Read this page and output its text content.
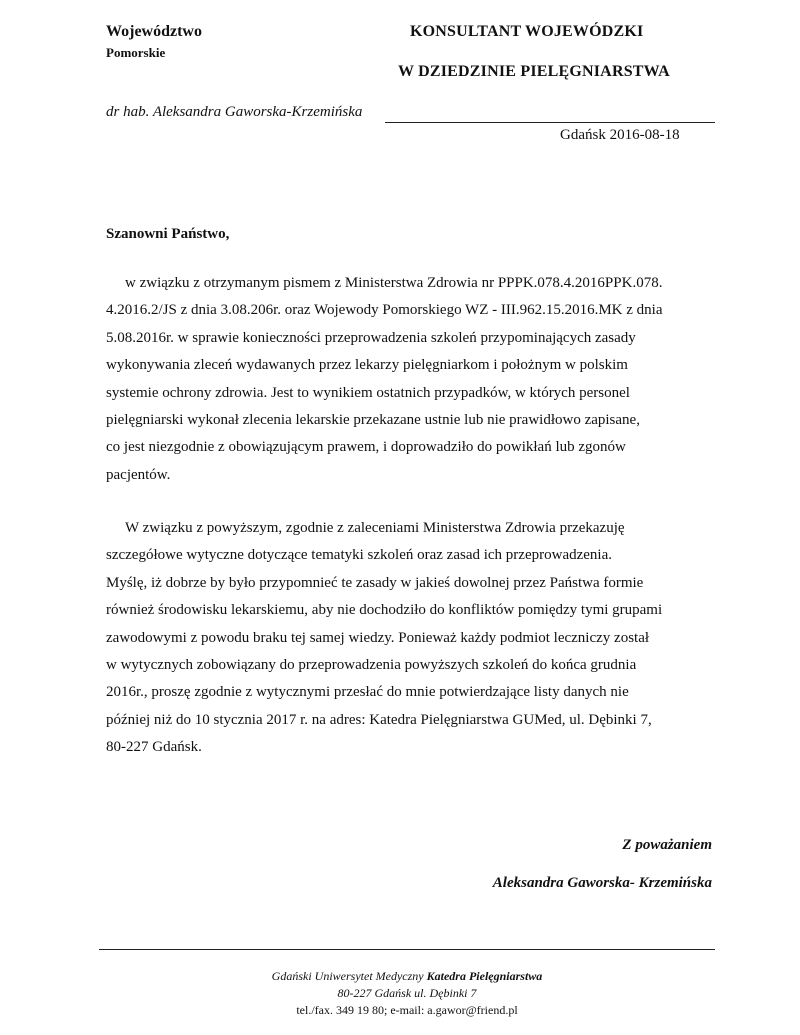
Województwo
Pomorskie
KONSULTANT WOJEWÓDZKI
W DZIEDZINIE PIELĘGNIARSTWA
dr hab. Aleksandra Gaworska-Krzemińska
Gdańsk 2016-08-18
Szanowni Państwo,
w związku z otrzymanym pismem z Ministerstwa Zdrowia nr PPPK.078.4.2016PPK.078.
4.2016.2/JS z dnia 3.08.206r. oraz Wojewody Pomorskiego WZ - III.962.15.2016.MK z dnia
5.08.2016r. w sprawie konieczności przeprowadzenia szkoleń przypominających zasady
wykonywania zleceń wydawanych przez lekarzy pielęgniarkom i położnym w polskim
systemie ochrony zdrowia. Jest to wynikiem ostatnich przypadków, w których personel
pielęgniarski wykonał zlecenia lekarskie przekazane ustnie lub nie prawidłowo zapisane,
co jest niezgodnie z obowiązującym prawem, i doprowadziło do powikłań lub zgonów
pacjentów.
W związku z powyższym, zgodnie z zaleceniami Ministerstwa Zdrowia przekazuję
szczegółowe wytyczne dotyczące tematyki szkoleń oraz zasad ich przeprowadzenia.
Myślę, iż dobrze by było przypomnieć te zasady w jakieś dowolnej przez Państwa formie
również środowisku lekarskiemu, aby nie dochodziło do konfliktów pomiędzy tymi grupami
zawodowymi z powodu braku tej samej wiedzy. Ponieważ każdy podmiot leczniczy został
w wytycznych zobowiązany do przeprowadzenia powyższych szkoleń do końca grudnia
2016r., proszę zgodnie z wytycznymi przesłać do mnie potwierdzające listy danych nie
później niż do 10 stycznia 2017 r. na adres: Katedra Pielęgniarstwa GUMed, ul. Dębinki 7,
80-227 Gdańsk.
Z poważaniem
Aleksandra Gaworska- Krzemińska
Gdański Uniwersytet Medyczny Katedra Pielęgniarstwa
80-227 Gdańsk ul. Dębinki 7
tel./fax. 349 19 80; e-mail: a.gawor@friend.pl
